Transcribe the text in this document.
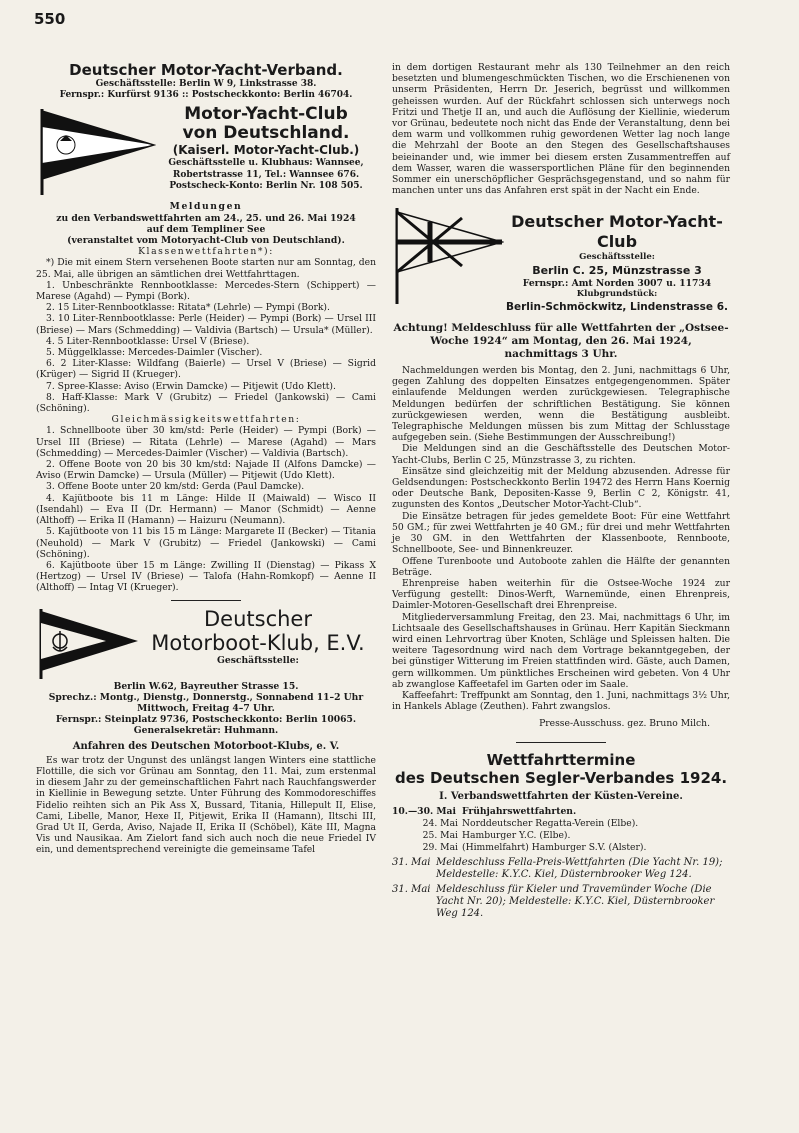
550
Deutscher Motor-Yacht-Verband.
Geschäftsstelle: Berlin W 9, Linkstrasse 38.
Fernspr.: Kurfürst 9136 :: Postscheckkonto: Berlin 46704.
Motor-Yacht-Club
von Deutschland.
(Kaiserl. Motor-Yacht-Club.)
Geschäftsstelle u. Klubhaus: Wannsee,
Robertstrasse 11, Tel.: Wannsee 676.
Postscheck-Konto: Berlin Nr. 108 505.
Meldungen
zu den Verbandswettfahrten am 24., 25. und 26. Mai 1924
auf dem Templiner See
(veranstaltet vom Motoryacht-Club von Deutschland).
Klassenwettfahrten*):

*) Die mit einem Stern versehenen Boote starten nur am Sonntag, den 25. Mai, alle übrigen an sämtlichen drei Wettfahrttagen.

1. Unbeschränkte Rennbootklasse: Mercedes-Stern (Schippert) — Marese (Agahd) — Pympi (Bork).

2. 15 Liter-Rennbootklasse: Ritata* (Lehrle) — Pympi (Bork).

3. 10 Liter-Rennbootklasse: Perle (Heider) — Pympi (Bork) — Ursel III (Briese) — Mars (Schmedding) — Valdivia (Bartsch) — Ursula* (Müller).

4. 5 Liter-Rennbootklasse: Ursel V (Briese).

5. Müggelklasse: Mercedes-Daimler (Vischer).

6. 2 Liter-Klasse: Wildfang (Baierle) — Ursel V (Briese) — Sigrid (Krüger) — Sigrid II (Krueger).

7. Spree-Klasse: Aviso (Erwin Damcke) — Pitjewit (Udo Klett).

8. Haff-Klasse: Mark V (Grubitz) — Friedel (Jankowski) — Cami (Schöning).

Gleichmässigkeitswettfahrten:

1. Schnellboote über 30 km/std: Perle (Heider) — Pympi (Bork) — Ursel III (Briese) — Ritata (Lehrle) — Marese (Agahd) — Mars (Schmedding) — Mercedes-Daimler (Vischer) — Valdivia (Bartsch).

2. Offene Boote von 20 bis 30 km/std: Najade II (Alfons Damcke) — Aviso (Erwin Damcke) — Ursula (Müller) — Pitjewit (Udo Klett).

3. Offene Boote unter 20 km/std: Gerda (Paul Damcke).

4. Kajütboote bis 11 m Länge: Hilde II (Maiwald) — Wisco II (Isendahl) — Eva II (Dr. Hermann) — Manor (Schmidt) — Aenne (Althoff) — Erika II (Hamann) — Haizuru (Neumann).

5. Kajütboote von 11 bis 15 m Länge: Margarete II (Becker) — Titania (Neuhold) — Mark V (Grubitz) — Friedel (Jankowski) — Cami (Schöning).

6. Kajütboote über 15 m Länge: Zwilling II (Dienstag) — Pikass X (Hertzog) — Ursel IV (Briese) — Talofa (Hahn-Romkopf) — Aenne II (Althoff) — Intag VI (Krueger).

Deutscher
Motorboot-Klub, E.V.
Geschäftsstelle:
Berlin W.62, Bayreuther Strasse 15.
Sprechz.: Montg., Dienstg., Donnerstg., Sonnabend 11–2 Uhr
Mittwoch, Freitag 4–7 Uhr.
Fernspr.: Steinplatz 9736, Postscheckkonto: Berlin 10065.
Generalsekretär: Huhmann.
Anfahren des Deutschen Motorboot-Klubs, e. V.

Es war trotz der Ungunst des unlängst langen Winters eine stattliche Flottille, die sich vor Grünau am Sonntag, den 11. Mai, zum erstenmal in diesem Jahr zu der gemeinschaftlichen Fahrt nach Rauchfangswerder in Kiellinie in Bewegung setzte. Unter Führung des Kommodoreschiffes Fidelio reihten sich an Pik Ass X, Bussard, Titania, Hillepult II, Elise, Cami, Libelle, Manor, Hexe II, Pitjewit, Erika II (Hamann), Iltschi III, Grad Ut II, Gerda, Aviso, Najade II, Erika II (Schöbel), Käte III, Magna Vis und Nausikaa. Am Zielort fand sich auch noch die neue Friedel IV ein, und dementsprechend vereinigte die gemeinsame Tafel

in dem dortigen Restaurant mehr als 130 Teilnehmer an den reich besetzten und blumengeschmückten Tischen, wo die Erschienenen von unserm Präsidenten, Herrn Dr. Jeserich, begrüsst und willkommen geheissen wurden. Auf der Rückfahrt schlossen sich unterwegs noch Fritzi und Thetje II an, und auch die Auflösung der Kiellinie, wiederum vor Grünau, bedeutete noch nicht das Ende der Veranstaltung, denn bei dem warm und vollkommen ruhig gewordenen Wetter lag noch lange die Mehrzahl der Boote an den Stegen des Gesellschaftshauses beieinander und, wie immer bei diesem ersten Zusammentreffen auf dem Wasser, waren die wassersportlichen Pläne für den beginnenden Sommer ein unerschöpflicher Gesprächsgegenstand, und so nahm für manchen unter uns das Anfahren erst spät in der Nacht ein Ende.

Deutscher Motor-Yacht-Club
Geschäftsstelle:
Berlin C. 25, Münzstrasse 3
Fernspr.: Amt Norden 3007 u. 11734
Klubgrundstück:
Berlin-Schmöckwitz, Lindenstrasse 6.
Achtung! Meldeschluss für alle Wettfahrten der „Ostsee-Woche 1924“ am Montag, den 26. Mai 1924, nachmittags 3 Uhr.

Nachmeldungen werden bis Montag, den 2. Juni, nachmittags 6 Uhr, gegen Zahlung des doppelten Einsatzes entgegengenommen. Später einlaufende Meldungen werden zurückgewiesen. Telegraphische Meldungen bedürfen der schriftlichen Bestätigung. Sie können zurückgewiesen werden, wenn die Bestätigung ausbleibt. Telegraphische Meldungen müssen bis zum Mittag der Schlusstage aufgegeben sein. (Siehe Bestimmungen der Ausschreibung!)

Die Meldungen sind an die Geschäftsstelle des Deutschen Motor-Yacht-Clubs, Berlin C 25, Münzstrasse 3, zu richten.

Einsätze sind gleichzeitig mit der Meldung abzusenden. Adresse für Geldsendungen: Postscheckkonto Berlin 19472 des Herrn Hans Koernig oder Deutsche Bank, Depositen-Kasse 9, Berlin C 2, Königstr. 41, zugunsten des Kontos „Deutscher Motor-Yacht-Club“.

Die Einsätze betragen für jedes gemeldete Boot: Für eine Wettfahrt 50 GM.; für zwei Wettfahrten je 40 GM.; für drei und mehr Wettfahrten je 30 GM. in den Wettfahrten der Klassenboote, Rennboote, Schnellboote, See- und Binnenkreuzer.

Offene Turenboote und Autoboote zahlen die Hälfte der genannten Beträge.

Ehrenpreise haben weiterhin für die Ostsee-Woche 1924 zur Verfügung gestellt: Dinos-Werft, Warnemünde, einen Ehrenpreis, Daimler-Motoren-Gesellschaft drei Ehrenpreise.

Mitgliederversammlung Freitag, den 23. Mai, nachmittags 6 Uhr, im Lichtsaale des Gesellschaftshauses in Grünau. Herr Kapitän Sieckmann wird einen Lehrvortrag über Knoten, Schläge und Spleissen halten. Die weitere Tagesordnung wird nach dem Vortrage bekanntgegeben, der bei günstiger Witterung im Freien stattfinden wird. Gäste, auch Damen, gern willkommen. Um pünktliches Erscheinen wird gebeten. Von 4 Uhr ab zwanglose Kaffeetafel im Garten oder im Saale.

Kaffeefahrt: Treffpunkt am Sonntag, den 1. Juni, nachmittags 3½ Uhr, in Hankels Ablage (Zeuthen). Fahrt zwangslos.

Presse-Ausschuss. gez. Bruno Milch.
Wettfahrttermine
des Deutschen Segler-Verbandes 1924.
I. Verbandswettfahrten der Küsten-Vereine.
10.—30. Mai Frühjahrswettfahrten.
24. Mai Norddeutscher Regatta-Verein (Elbe).
25. Mai Hamburger Y.C. (Elbe).
29. Mai (Himmelfahrt) Hamburger S.V. (Alster).
31. Mai Meldeschluss Fella-Preis-Wettfahrten (Die Yacht Nr. 19); Meldestelle: K.Y.C. Kiel, Düsternbrooker Weg 124.
31. Mai Meldeschluss für Kieler und Travemünder Woche (Die Yacht Nr. 20); Meldestelle: K.Y.C. Kiel, Düsternbrooker Weg 124.
